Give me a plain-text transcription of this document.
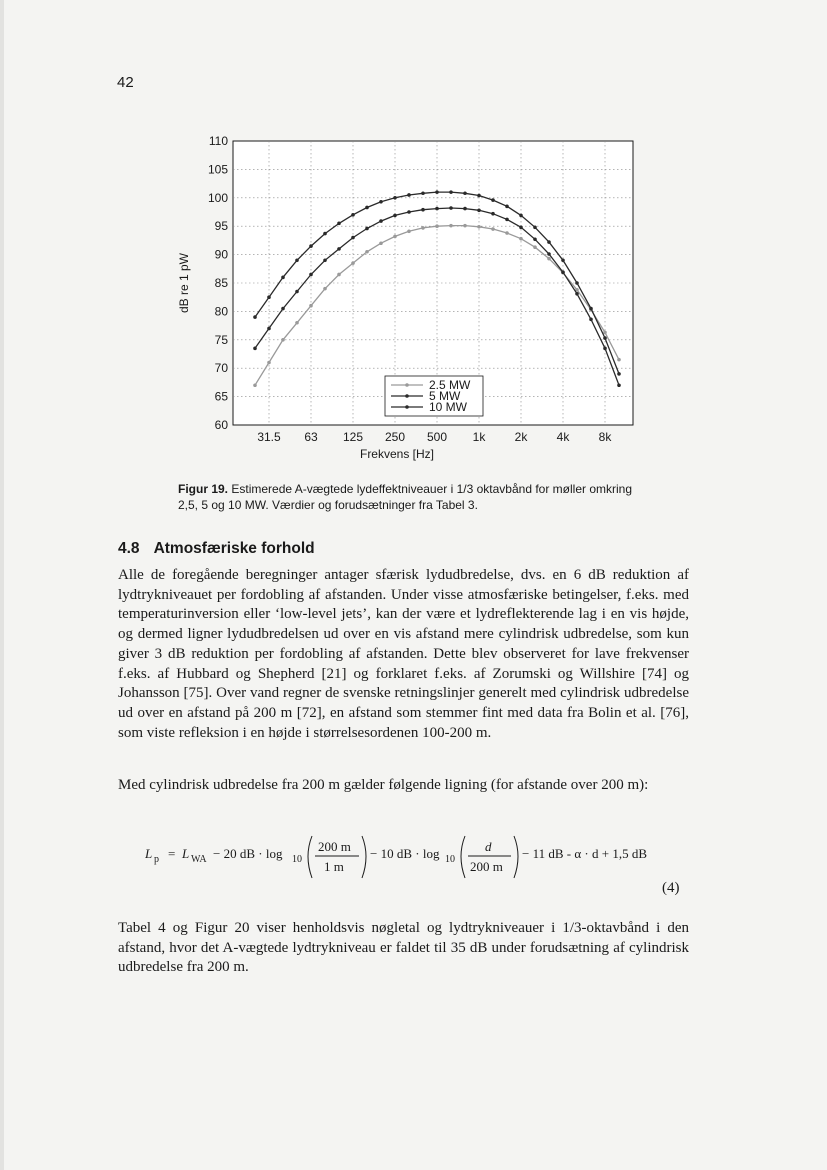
42
60
65
70
75
80
85
90
95
100
105
110
31.5 63 125 250 500 1k 2k 4k 8k
dB re 1 pW
Frekvens [Hz]
2.5 MW
5 MW
10 MW
Figur 19. Estimerede A-vægtede lydeffektniveauer i 1/3 oktavbånd for møller omkring 2,5, 5 og 10 MW. Værdier og forudsætninger fra Tabel 3.
4.8 Atmosfæriske forhold
Alle de foregående beregninger antager sfærisk lydudbredelse, dvs. en 6 dB reduktion af lydtrykniveauet per fordobling af afstanden. Under visse atmosfæriske betingelser, f.eks. med temperaturinversion eller ‘low-level jets’, kan der være et lydreflekterende lag i en vis højde, og dermed ligner lydudbredelsen ud over en vis afstand mere cylindrisk udbredelse, som kun giver 3 dB reduktion per fordobling af afstanden. Dette blev observeret for lave frekvenser f.eks. af Hubbard og Shepherd [21] og forklaret f.eks. af Zorumski og Willshire [74] og Johansson [75]. Over vand regner de svenske retningslinjer generelt med cylindrisk udbredelse ud over en afstand på 200 m [72], en afstand som stemmer fint med data fra Bolin et al. [76], som viste refleksion i en højde i størrelsesordenen 100-200 m.
Med cylindrisk udbredelse fra 200 m gælder følgende ligning (for afstande over 200 m):
L p = L WA − 20 dB · log 10
200 m
1 m
− 10 dB · log 10
d
200 m
− 11 dB - α · d + 1,5 dB
(4)
Tabel 4 og Figur 20 viser henholdsvis nøgletal og lydtrykniveauer i 1/3-oktavbånd i den afstand, hvor det A-vægtede lydtrykniveau er faldet til 35 dB under forudsætning af cylindrisk udbredelse fra 200 m.
